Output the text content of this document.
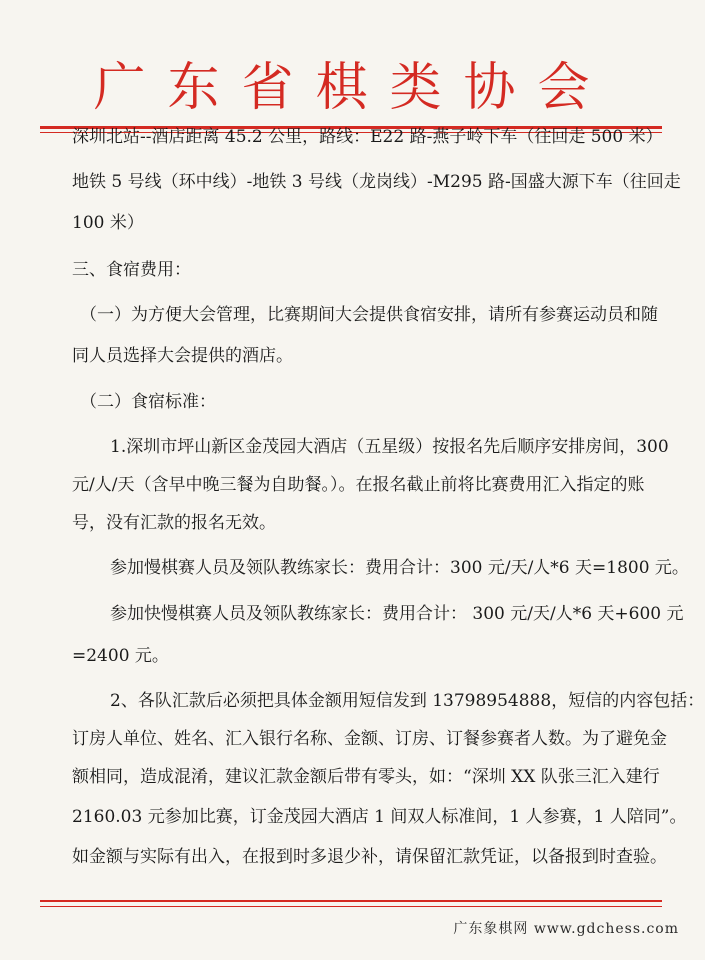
广东省棋类协会
深圳北站--酒店距离 45.2 公里，路线：E22 路-燕子岭下车（往回走 500 米）
地铁 5 号线（环中线）-地铁 3 号线（龙岗线）-M295 路-国盛大源下车（往回走
100 米）
三、食宿费用：
（一）为方便大会管理，比赛期间大会提供食宿安排，请所有参赛运动员和随
同人员选择大会提供的酒店。
（二）食宿标准：
1.深圳市坪山新区金茂园大酒店（五星级）按报名先后顺序安排房间，300
元/人/天（含早中晚三餐为自助餐。）。在报名截止前将比赛费用汇入指定的账
号，没有汇款的报名无效。
参加慢棋赛人员及领队教练家长：费用合计：300 元/天/人*6 天=1800 元。
参加快慢棋赛人员及领队教练家长：费用合计： 300 元/天/人*6 天+600 元
=2400 元。
2、各队汇款后必须把具体金额用短信发到 13798954888，短信的内容包括：
订房人单位、姓名、汇入银行名称、金额、订房、订餐参赛者人数。为了避免金
额相同，造成混淆，建议汇款金额后带有零头，如：“深圳 XX 队张三汇入建行
2160.03 元参加比赛，订金茂园大酒店 1 间双人标准间，1 人参赛，1 人陪同”。
如金额与实际有出入，在报到时多退少补，请保留汇款凭证，以备报到时查验。
广东象棋网 www.gdchess.com
